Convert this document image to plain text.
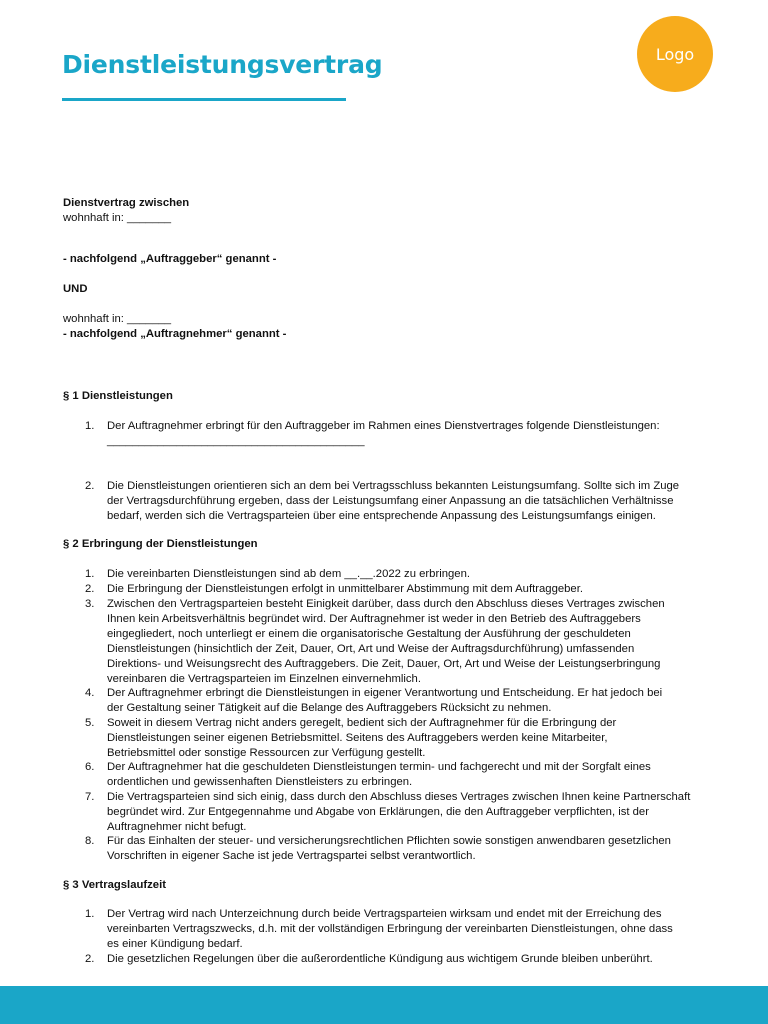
Dienstleistungsvertrag	Logo
Dienstvertrag zwischen
wohnhaft in: _______
- nachfolgend „Auftraggeber“ genannt -
UND
wohnhaft in: _______
- nachfolgend „Auftragnehmer“ genannt -
§ 1 Dienstleistungen
1. Der Auftragnehmer erbringt für den Auftraggeber im Rahmen eines Dienstvertrages folgende Dienstleistungen:
_________________________________________
2. Die Dienstleistungen orientieren sich an dem bei Vertragsschluss bekannten Leistungsumfang. Sollte sich im Zuge
der Vertragsdurchführung ergeben, dass der Leistungsumfang einer Anpassung an die tatsächlichen Verhältnisse
bedarf, werden sich die Vertragsparteien über eine entsprechende Anpassung des Leistungsumfangs einigen.
§ 2 Erbringung der Dienstleistungen
1. Die vereinbarten Dienstleistungen sind ab dem __.__.2022 zu erbringen.
2. Die Erbringung der Dienstleistungen erfolgt in unmittelbarer Abstimmung mit dem Auftraggeber.
3. Zwischen den Vertragsparteien besteht Einigkeit darüber, dass durch den Abschluss dieses Vertrages zwischen
Ihnen kein Arbeitsverhältnis begründet wird. Der Auftragnehmer ist weder in den Betrieb des Auftraggebers
eingegliedert, noch unterliegt er einem die organisatorische Gestaltung der Ausführung der geschuldeten
Dienstleistungen (hinsichtlich der Zeit, Dauer, Ort, Art und Weise der Auftragsdurchführung) umfassenden
Direktions- und Weisungsrecht des Auftraggebers. Die Zeit, Dauer, Ort, Art und Weise der Leistungserbringung
vereinbaren die Vertragsparteien im Einzelnen einvernehmlich.
4. Der Auftragnehmer erbringt die Dienstleistungen in eigener Verantwortung und Entscheidung. Er hat jedoch bei
der Gestaltung seiner Tätigkeit auf die Belange des Auftraggebers Rücksicht zu nehmen.
5. Soweit in diesem Vertrag nicht anders geregelt, bedient sich der Auftragnehmer für die Erbringung der
Dienstleistungen seiner eigenen Betriebsmittel. Seitens des Auftraggebers werden keine Mitarbeiter,
Betriebsmittel oder sonstige Ressourcen zur Verfügung gestellt.
6. Der Auftragnehmer hat die geschuldeten Dienstleistungen termin- und fachgerecht und mit der Sorgfalt eines
ordentlichen und gewissenhaften Dienstleisters zu erbringen.
7. Die Vertragsparteien sind sich einig, dass durch den Abschluss dieses Vertrages zwischen Ihnen keine Partnerschaft
begründet wird. Zur Entgegennahme und Abgabe von Erklärungen, die den Auftraggeber verpflichten, ist der
Auftragnehmer nicht befugt.
8. Für das Einhalten der steuer- und versicherungsrechtlichen Pflichten sowie sonstigen anwendbaren gesetzlichen
Vorschriften in eigener Sache ist jede Vertragspartei selbst verantwortlich.
§ 3 Vertragslaufzeit
1. Der Vertrag wird nach Unterzeichnung durch beide Vertragsparteien wirksam und endet mit der Erreichung des
vereinbarten Vertragszwecks, d.h. mit der vollständigen Erbringung der vereinbarten Dienstleistungen, ohne dass
es einer Kündigung bedarf.
2. Die gesetzlichen Regelungen über die außerordentliche Kündigung aus wichtigem Grunde bleiben unberührt.
